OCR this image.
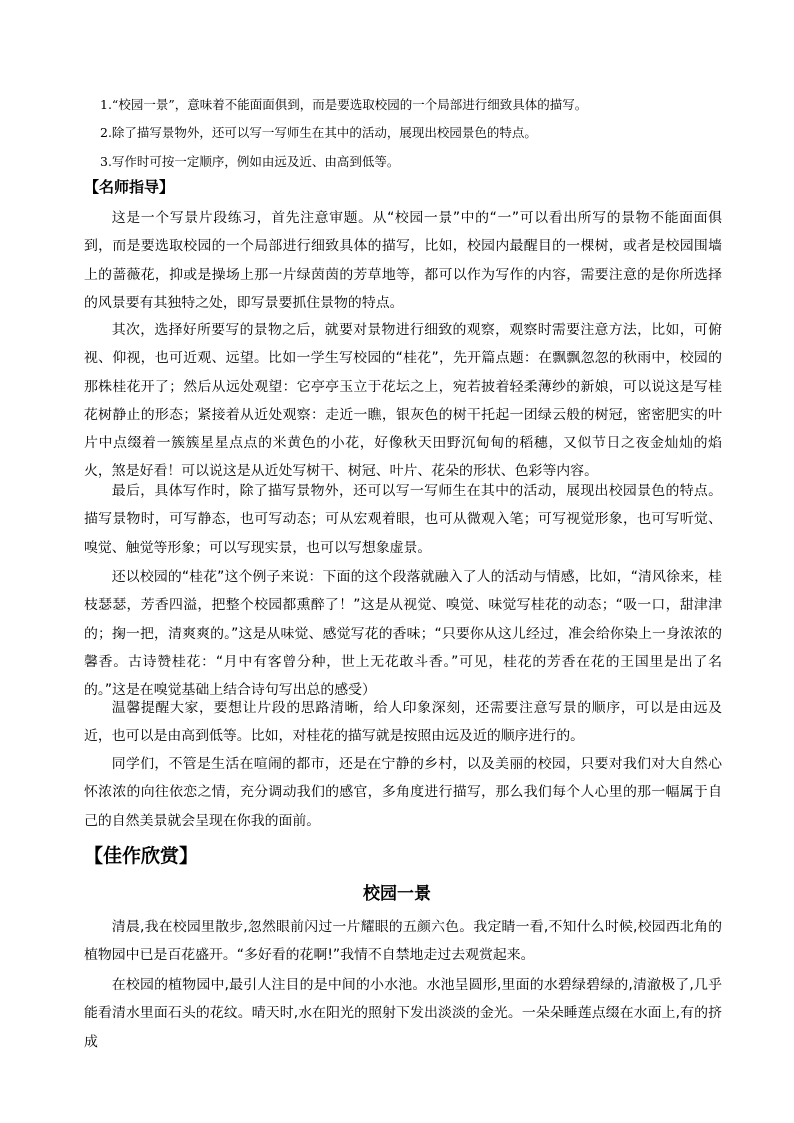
1.“校园一景”，意味着不能面面俱到，而是要选取校园的一个局部进行细致具体的描写。
2.除了描写景物外，还可以写一写师生在其中的活动，展现出校园景色的特点。
3.写作时可按一定顺序，例如由远及近、由高到低等。
【名师指导】

这是一个写景片段练习，首先注意审题。从“校园一景”中的“一”可以看出所写的景物不能面面俱到，而是要选取校园的一个局部进行细致具体的描写，比如，校园内最醒目的一棵树，或者是校园围墙上的蔷薇花，抑或是操场上那一片绿茵茵的芳草地等，都可以作为写作的内容，需要注意的是你所选择的风景要有其独特之处，即写景要抓住景物的特点。

其次，选择好所要写的景物之后，就要对景物进行细致的观察，观察时需要注意方法，比如，可俯视、仰视，也可近观、远望。比如一学生写校园的“桂花”，先开篇点题：在飘飘忽忽的秋雨中，校园的那株桂花开了；然后从远处观望：它亭亭玉立于花坛之上，宛若披着轻柔薄纱的新娘，可以说这是写桂花树静止的形态；紧接着从近处观察：走近一瞧，银灰色的树干托起一团绿云般的树冠，密密肥实的叶片中点缀着一簇簇星星点点的米黄色的小花，好像秋天田野沉甸甸的稻穗，又似节日之夜金灿灿的焰火，煞是好看！可以说这是从近处写树干、树冠、叶片、花朵的形状、色彩等内容。

最后，具体写作时，除了描写景物外，还可以写一写师生在其中的活动，展现出校园景色的特点。描写景物时，可写静态，也可写动态；可从宏观着眼，也可从微观入笔；可写视觉形象，也可写听觉、嗅觉、触觉等形象；可以写现实景，也可以写想象虚景。

还以校园的“桂花”这个例子来说：下面的这个段落就融入了人的活动与情感，比如，“清风徐来，桂枝瑟瑟，芳香四溢，把整个校园都熏醉了！”这是从视觉、嗅觉、味觉写桂花的动态；“吸一口，甜津津的；掬一把，清爽爽的。”这是从味觉、感觉写花的香味；“只要你从这儿经过，准会给你染上一身浓浓的馨香。古诗赞桂花：“月中有客曾分种，世上无花敢斗香。”可见，桂花的芳香在花的王国里是出了名的。”这是在嗅觉基础上结合诗句写出总的感受）

温馨提醒大家，要想让片段的思路清晰，给人印象深刻，还需要注意写景的顺序，可以是由远及近，也可以是由高到低等。比如，对桂花的描写就是按照由远及近的顺序进行的。

同学们，不管是生活在喧闹的都市，还是在宁静的乡村，以及美丽的校园，只要对我们对大自然心怀浓浓的向往依恋之情，充分调动我们的感官，多角度进行描写，那么我们每个人心里的那一幅属于自己的自然美景就会呈现在你我的面前。

【佳作欣赏】
校园一景

清晨,我在校园里散步,忽然眼前闪过一片耀眼的五颜六色。我定睛一看,不知什么时候,校园西北角的植物园中已是百花盛开。“多好看的花啊!”我情不自禁地走过去观赏起来。

在校园的植物园中,最引人注目的是中间的小水池。水池呈圆形,里面的水碧绿碧绿的,清澈极了,几乎能看清水里面石头的花纹。晴天时,水在阳光的照射下发出淡淡的金光。一朵朵睡莲点缀在水面上,有的挤成
